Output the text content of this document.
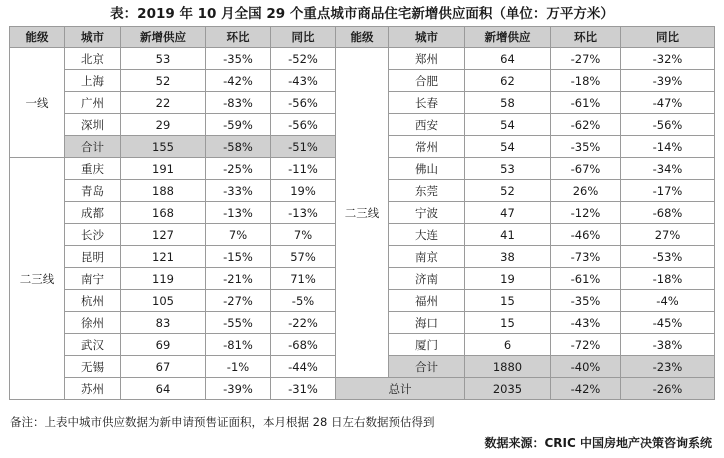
表：2019 年 10 月全国 29 个重点城市商品住宅新增供应面积（单位：万平方米）
能级	城市	新增供应	环比	同比	能级	城市	新增供应	环比	同比
一线	北京	53	-35%	-52%	二三线	郑州	64	-27%	-32%
	上海	52	-42%	-43%		合肥	62	-18%	-39%
	广州	22	-83%	-56%		长春	58	-61%	-47%
	深圳	29	-59%	-56%		西安	54	-62%	-56%
	合计	155	-58%	-51%		常州	54	-35%	-14%
二三线	重庆	191	-25%	-11%		佛山	53	-67%	-34%
	青岛	188	-33%	19%		东莞	52	26%	-17%
	成都	168	-13%	-13%		宁波	47	-12%	-68%
	长沙	127	7%	7%		大连	41	-46%	27%
	昆明	121	-15%	57%		南京	38	-73%	-53%
	南宁	119	-21%	71%		济南	19	-61%	-18%
	杭州	105	-27%	-5%		福州	15	-35%	-4%
	徐州	83	-55%	-22%		海口	15	-43%	-45%
	武汉	69	-81%	-68%		厦门	6	-72%	-38%
	无锡	67	-1%	-44%		合计	1880	-40%	-23%
	苏州	64	-39%	-31%	总计		2035	-42%	-26%
备注：上表中城市供应数据为新申请预售证面积，本月根据 28 日左右数据预估得到
数据来源：CRIC 中国房地产决策咨询系统
